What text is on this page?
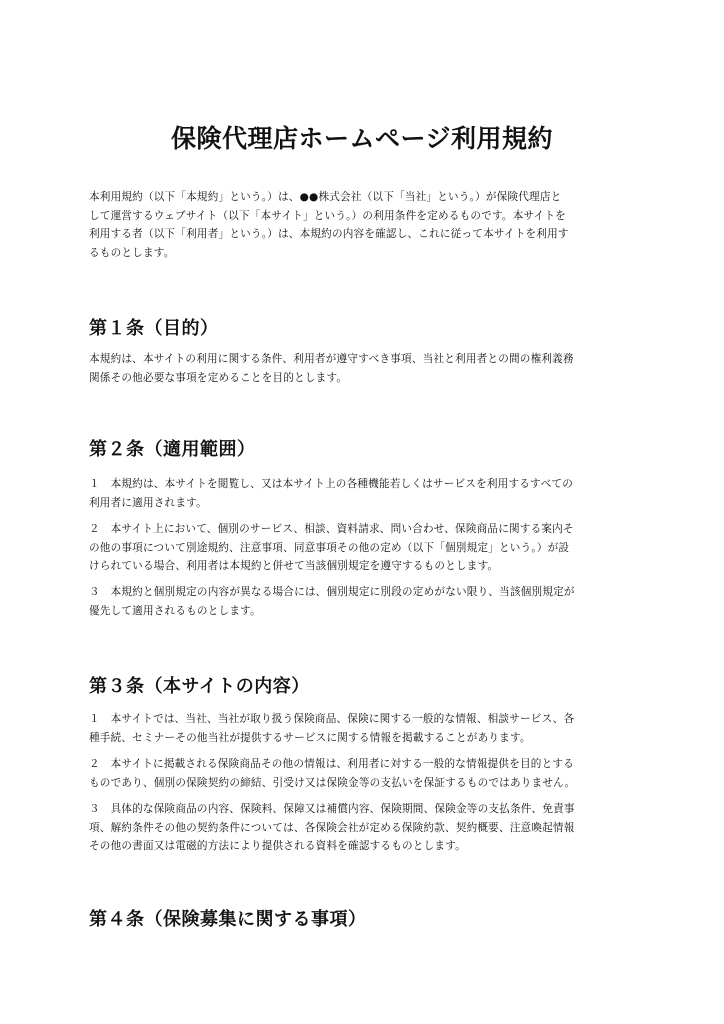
保険代理店ホームページ利用規約

本利用規約（以下「本規約」という。）は、●●株式会社（以下「当社」という。）が保険代理店と
して運営するウェブサイト（以下「本サイト」という。）の利用条件を定めるものです。本サイトを
利用する者（以下「利用者」という。）は、本規約の内容を確認し、これに従って本サイトを利用す
るものとします。

第１条（目的）

本規約は、本サイトの利用に関する条件、利用者が遵守すべき事項、当社と利用者との間の権利義務
関係その他必要な事項を定めることを目的とします。

第２条（適用範囲）

１　本規約は、本サイトを閲覧し、又は本サイト上の各種機能若しくはサービスを利用するすべての
利用者に適用されます。

２　本サイト上において、個別のサービス、相談、資料請求、問い合わせ、保険商品に関する案内そ
の他の事項について別途規約、注意事項、同意事項その他の定め（以下「個別規定」という。）が設
けられている場合、利用者は本規約と併せて当該個別規定を遵守するものとします。

３　本規約と個別規定の内容が異なる場合には、個別規定に別段の定めがない限り、当該個別規定が
優先して適用されるものとします。

第３条（本サイトの内容）

１　本サイトでは、当社、当社が取り扱う保険商品、保険に関する一般的な情報、相談サービス、各
種手続、セミナーその他当社が提供するサービスに関する情報を掲載することがあります。

２　本サイトに掲載される保険商品その他の情報は、利用者に対する一般的な情報提供を目的とする
ものであり、個別の保険契約の締結、引受け又は保険金等の支払いを保証するものではありません。

３　具体的な保険商品の内容、保険料、保障又は補償内容、保険期間、保険金等の支払条件、免責事
項、解約条件その他の契約条件については、各保険会社が定める保険約款、契約概要、注意喚起情報
その他の書面又は電磁的方法により提供される資料を確認するものとします。

第４条（保険募集に関する事項）
